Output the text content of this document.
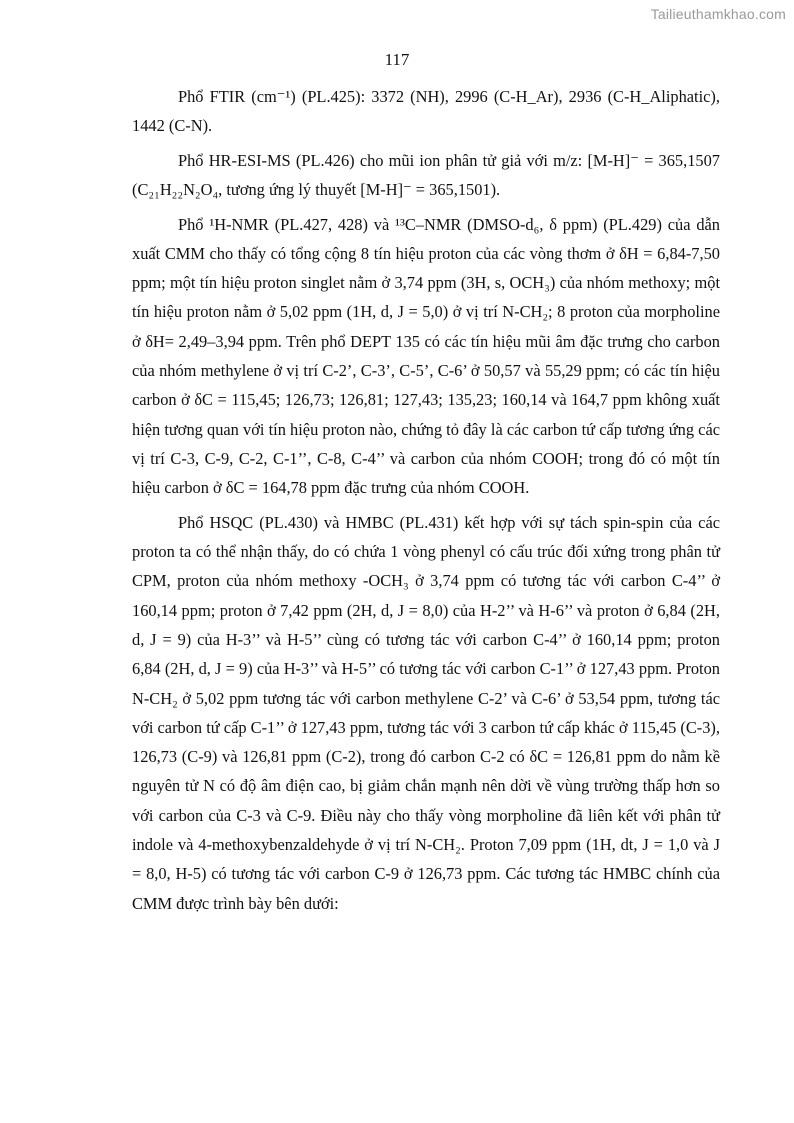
Tailieuthamkhao.com
117

Phổ FTIR (cm⁻¹) (PL.425): 3372 (NH), 2996 (C-H_Ar), 2936 (C-H_Aliphatic), 1442 (C-N).

Phổ HR-ESI-MS (PL.426) cho mũi ion phân tử giả với m/z: [M-H]⁻ = 365,1507 (C₂₁H₂₂N₂O₄, tương ứng lý thuyết [M-H]⁻ = 365,1501).

Phổ ¹H-NMR (PL.427, 428) và ¹³C–NMR (DMSO-d₆, δ ppm) (PL.429) của dẫn xuất CMM cho thấy có tổng cộng 8 tín hiệu proton của các vòng thơm ở δH = 6,84-7,50 ppm; một tín hiệu proton singlet nằm ở 3,74 ppm (3H, s, OCH₃) của nhóm methoxy; một tín hiệu proton nằm ở 5,02 ppm (1H, d, J = 5,0) ở vị trí N-CH₂; 8 proton của morpholine ở δH= 2,49–3,94 ppm. Trên phổ DEPT 135 có các tín hiệu mũi âm đặc trưng cho carbon của nhóm methylene ở vị trí C-2’, C-3’, C-5’, C-6’ ở 50,57 và 55,29 ppm; có các tín hiệu carbon ở δC = 115,45; 126,73; 126,81; 127,43; 135,23; 160,14 và 164,7 ppm không xuất hiện tương quan với tín hiệu proton nào, chứng tỏ đây là các carbon tứ cấp tương ứng các vị trí C-3, C-9, C-2, C-1’’, C-8, C-4’’ và carbon của nhóm COOH; trong đó có một tín hiệu carbon ở δC = 164,78 ppm đặc trưng của nhóm COOH.

Phổ HSQC (PL.430) và HMBC (PL.431) kết hợp với sự tách spin-spin của các proton ta có thể nhận thấy, do có chứa 1 vòng phenyl có cấu trúc đối xứng trong phân tử CPM, proton của nhóm methoxy -OCH₃ ở 3,74 ppm có tương tác với carbon C-4’’ ở 160,14 ppm; proton ở 7,42 ppm (2H, d, J = 8,0) của H-2’’ và H-6’’ và proton ở 6,84 (2H, d, J = 9) của H-3’’ và H-5’’ cùng có tương tác với carbon C-4’’ ở 160,14 ppm; proton 6,84 (2H, d, J = 9) của H-3’’ và H-5’’ có tương tác với carbon C-1’’ ở 127,43 ppm. Proton N-CH₂ ở 5,02 ppm tương tác với carbon methylene C-2’ và C-6’ ở 53,54 ppm, tương tác với carbon tứ cấp C-1’’ ở 127,43 ppm, tương tác với 3 carbon tứ cấp khác ở 115,45 (C-3), 126,73 (C-9) và 126,81 ppm (C-2), trong đó carbon C-2 có δC = 126,81 ppm do nằm kề nguyên tử N có độ âm điện cao, bị giảm chắn mạnh nên dời về vùng trường thấp hơn so với carbon của C-3 và C-9. Điều này cho thấy vòng morpholine đã liên kết với phân tử indole và 4-methoxybenzaldehyde ở vị trí N-CH₂. Proton 7,09 ppm (1H, dt, J = 1,0 và J = 8,0, H-5) có tương tác với carbon C-9 ở 126,73 ppm. Các tương tác HMBC chính của CMM được trình bày bên dưới:
